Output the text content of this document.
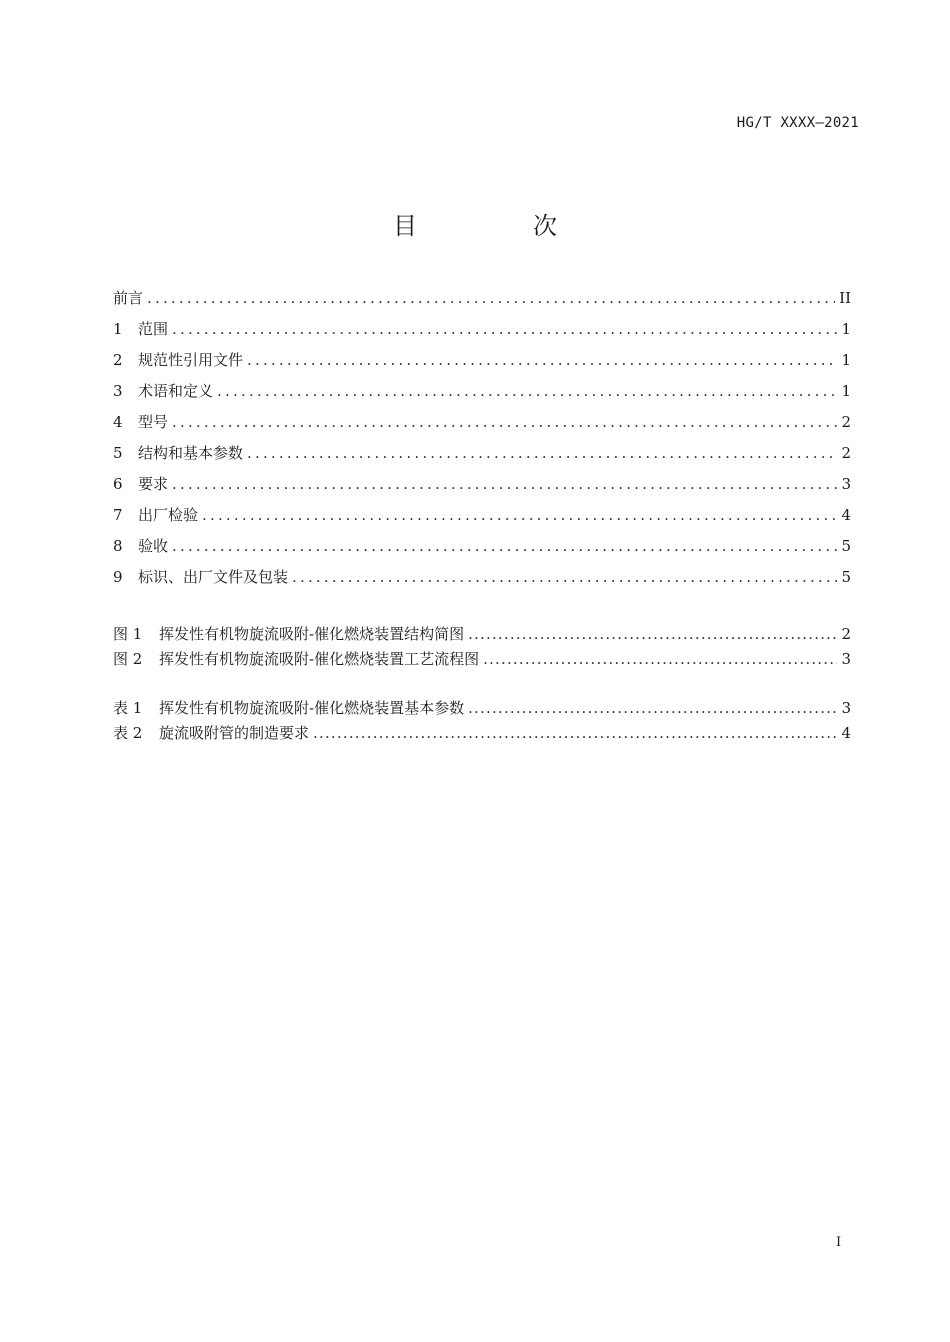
HG/T XXXX—2021
目　次
前言 .....	II
1	范围 .....	1
2	规范性引用文件 .....	1
3	术语和定义 .....	1
4	型号 .....	2
5	结构和基本参数 .....	2
6	要求 .....	3
7	出厂检验 .....	4
8	验收 .....	5
9	标识、出厂文件及包装 .....	5
图 1	挥发性有机物旋流吸附-催化燃烧装置结构简图 .....	2
图 2	挥发性有机物旋流吸附-催化燃烧装置工艺流程图 .....	3
表 1	挥发性有机物旋流吸附-催化燃烧装置基本参数 .....	3
表 2	旋流吸附管的制造要求 .....	4
I
